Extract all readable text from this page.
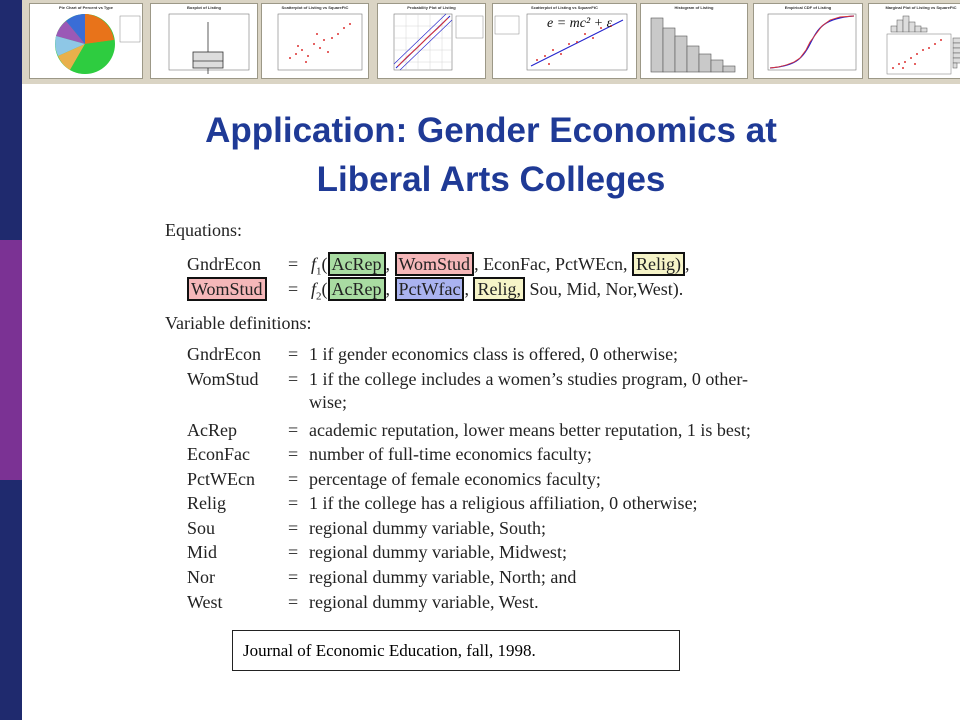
Pie Chart of Percent vs Type	Boxplot of Listing	Scatterplot of Listing vs SquareFtC	Probability Plot of Listing	Scatterplot of Listing vs SquareFtC
e = mc² + ε
Histogram of Listing	Empirical CDF of Listing	Marginal Plot of Listing vs SquareFtC
Application: Gender Economics at
Liberal Arts Colleges
Equations:
GndrEcon	= $f_1$( AcRep , WomStud , EconFac, PctWEcn, Relig) ,
WomStud	= $f_2$( AcRep , PctWfac , Relig, Sou, Mid, Nor,West).
Variable definitions:
GndrEcon	= 1 if gender economics class is offered, 0 otherwise;
WomStud	= 1 if the college includes a women’s studies program, 0 other-
wise;
AcRep	= academic reputation, lower means better reputation, 1 is best;
EconFac	= number of full-time economics faculty;
PctWEcn	= percentage of female economics faculty;
Relig	= 1 if the college has a religious affiliation, 0 otherwise;
Sou	= regional dummy variable, South;
Mid	= regional dummy variable, Midwest;
Nor	= regional dummy variable, North; and
West	= regional dummy variable, West.
Journal of Economic Education, fall, 1998.
